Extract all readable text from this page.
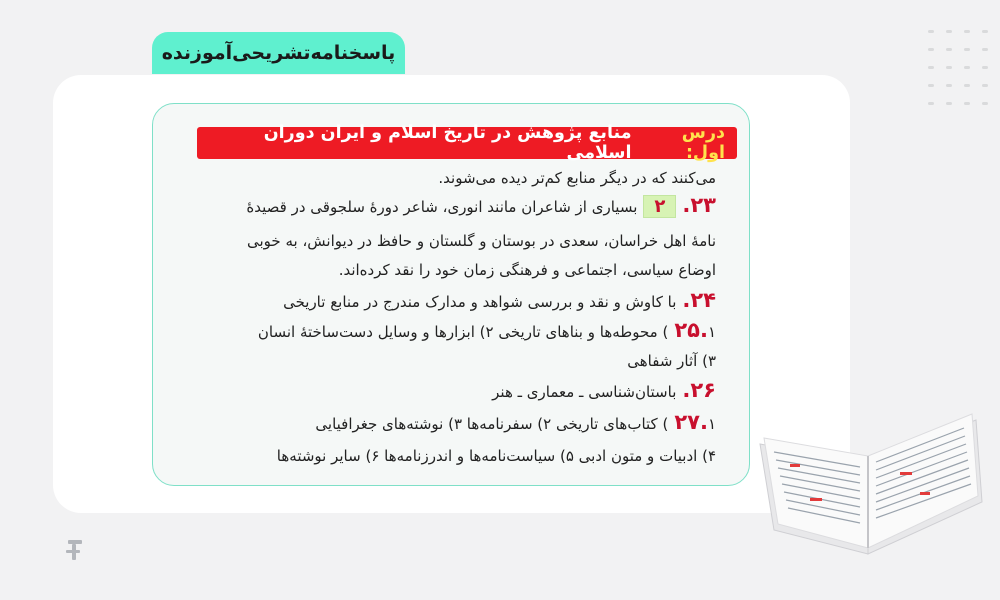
پاسخنامه‌تشریحی‌آموزنده
درس اول:
منابع پژوهش در تاریخ اسلام و ایران دوران اسلامی
می‌کنند که در دیگر منابع کم‌تر دیده می‌شوند.
۲۳.۲بسیاری از شاعران مانند انوری، شاعر دورهٔ سلجوقی در قصیدهٔ
نامهٔ اهل خراسان، سعدی در بوستان و گلستان و حافظ در دیوانش، به خوبی
اوضاع سیاسی، اجتماعی و فرهنگی زمان خود را نقد کرده‌اند.
۲۴.با کاوش و نقد و بررسی شواهد و مدارک مندرج در منابع تاریخی
۲۵.۱) محوطه‌ها و بناهای تاریخی ۲) ابزارها و وسایل دست‌ساختهٔ انسان
۳) آثار شفاهی
۲۶.باستان‌شناسی ـ معماری ـ هنر
۲۷.۱) کتاب‌های تاریخی ۲) سفرنامه‌ها ۳) نوشته‌های جغرافیایی
۴) ادبیات و متون ادبی ۵) سیاست‌نامه‌ها و اندرزنامه‌ها ۶) سایر نوشته‌ها
